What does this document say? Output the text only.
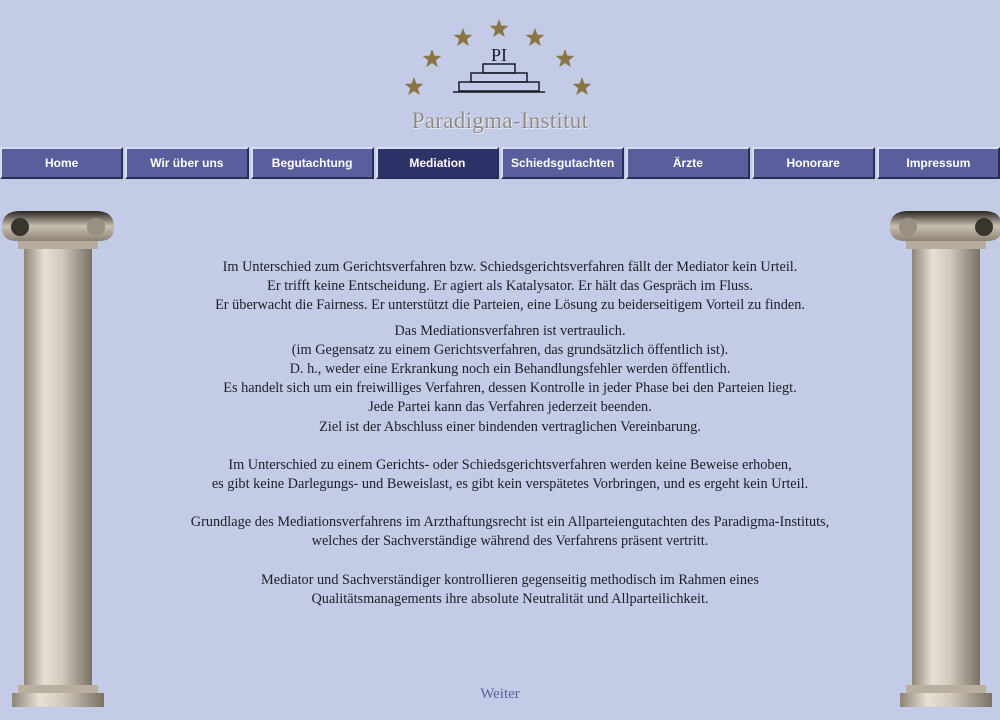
PI
Paradigma-Institut
Home	Wir über uns	Begutachtung	Mediation	Schiedsgutachten	Ärzte	Honorare	Impressum

Im Unterschied zum Gerichtsverfahren bzw. Schiedsgerichtsverfahren fällt der Mediator kein Urteil.

Er trifft keine Entscheidung. Er agiert als Katalysator. Er hält das Gespräch im Fluss.

Er überwacht die Fairness. Er unterstützt die Parteien, eine Lösung zu beiderseitigem Vorteil zu finden.

Das Mediationsverfahren ist vertraulich.

(im Gegensatz zu einem Gerichtsverfahren, das grundsätzlich öffentlich ist).

D. h., weder eine Erkrankung noch ein Behandlungsfehler werden öffentlich.

Es handelt sich um ein freiwilliges Verfahren, dessen Kontrolle in jeder Phase bei den Parteien liegt.

Jede Partei kann das Verfahren jederzeit beenden.

Ziel ist der Abschluss einer bindenden vertraglichen Vereinbarung.

Im Unterschied zu einem Gerichts- oder Schiedsgerichtsverfahren werden keine Beweise erhoben,

es gibt keine Darlegungs- und Beweislast, es gibt kein verspätetes Vorbringen, und es ergeht kein Urteil.

Grundlage des Mediationsverfahrens im Arzthaftungsrecht ist ein Allparteiengutachten des Paradigma-Instituts,

welches der Sachverständige während des Verfahrens präsent vertritt.

Mediator und Sachverständiger kontrollieren gegenseitig methodisch im Rahmen eines

Qualitätsmanagements ihre absolute Neutralität und Allparteilichkeit.

Weiter
